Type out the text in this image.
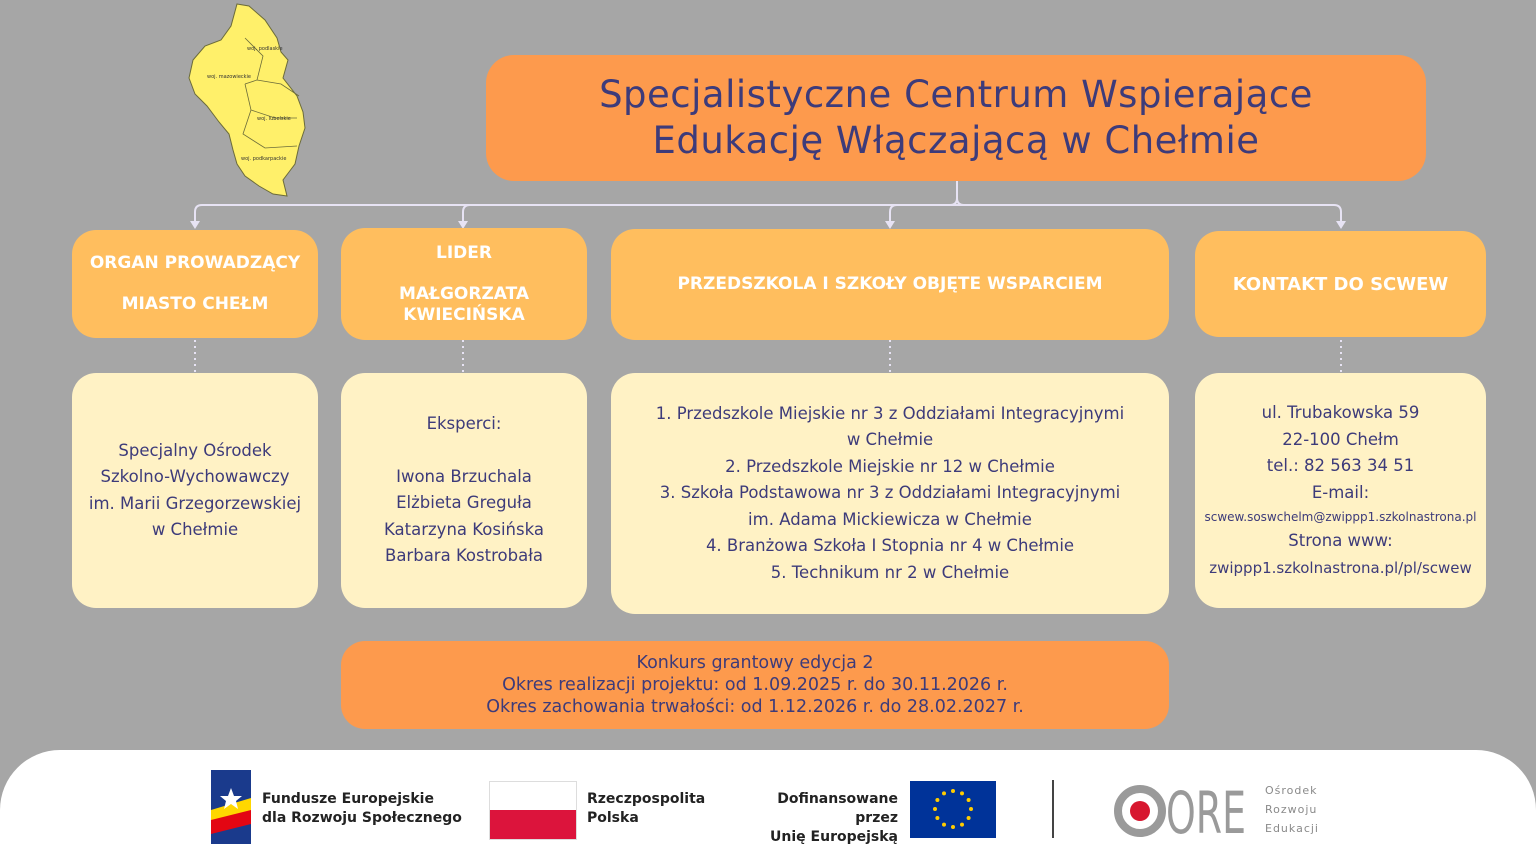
woj. podlaskie
woj. mazowieckie
woj. lubelskie
woj. podkarpackie
Specjalistyczne Centrum Wspierające
Edukację Włączającą w Chełmie
ORGAN PROWADZĄCY
MIASTO CHEŁM
LIDER
MAŁGORZATA
KWIECIŃSKA
PRZEDSZKOLA I SZKOŁY OBJĘTE WSPARCIEM	KONTAKT DO SCWEW
Specjalny Ośrodek
Szkolno-Wychowawczy
im. Marii Grzegorzewskiej
w Chełmie
Eksperci:
Iwona Brzuchala
Elżbieta Greguła
Katarzyna Kosińska
Barbara Kostrobała
1. Przedszkole Miejskie nr 3 z Oddziałami Integracyjnymi
w Chełmie
2. Przedszkole Miejskie nr 12 w Chełmie
3. Szkoła Podstawowa nr 3 z Oddziałami Integracyjnymi
im. Adama Mickiewicza w Chełmie
4. Branżowa Szkoła I Stopnia nr 4 w Chełmie
5. Technikum nr 2 w Chełmie
ul. Trubakowska 59
22-100 Chełm
tel.: 82 563 34 51
E-mail:
scwew.soswchelm@zwippp1.szkolnastrona.pl
Strona www:
zwippp1.szkolnastrona.pl/pl/scwew
Konkurs grantowy edycja 2
Okres realizacji projektu: od 1.09.2025 r. do 30.11.2026 r.
Okres zachowania trwałości: od 1.12.2026 r. do 28.02.2027 r.
Fundusze Europejskie
dla Rozwoju Społecznego
Rzeczpospolita
Polska
Dofinansowane przez
Unię Europejską	ORE Ośrodek
Rozwoju
Edukacji
